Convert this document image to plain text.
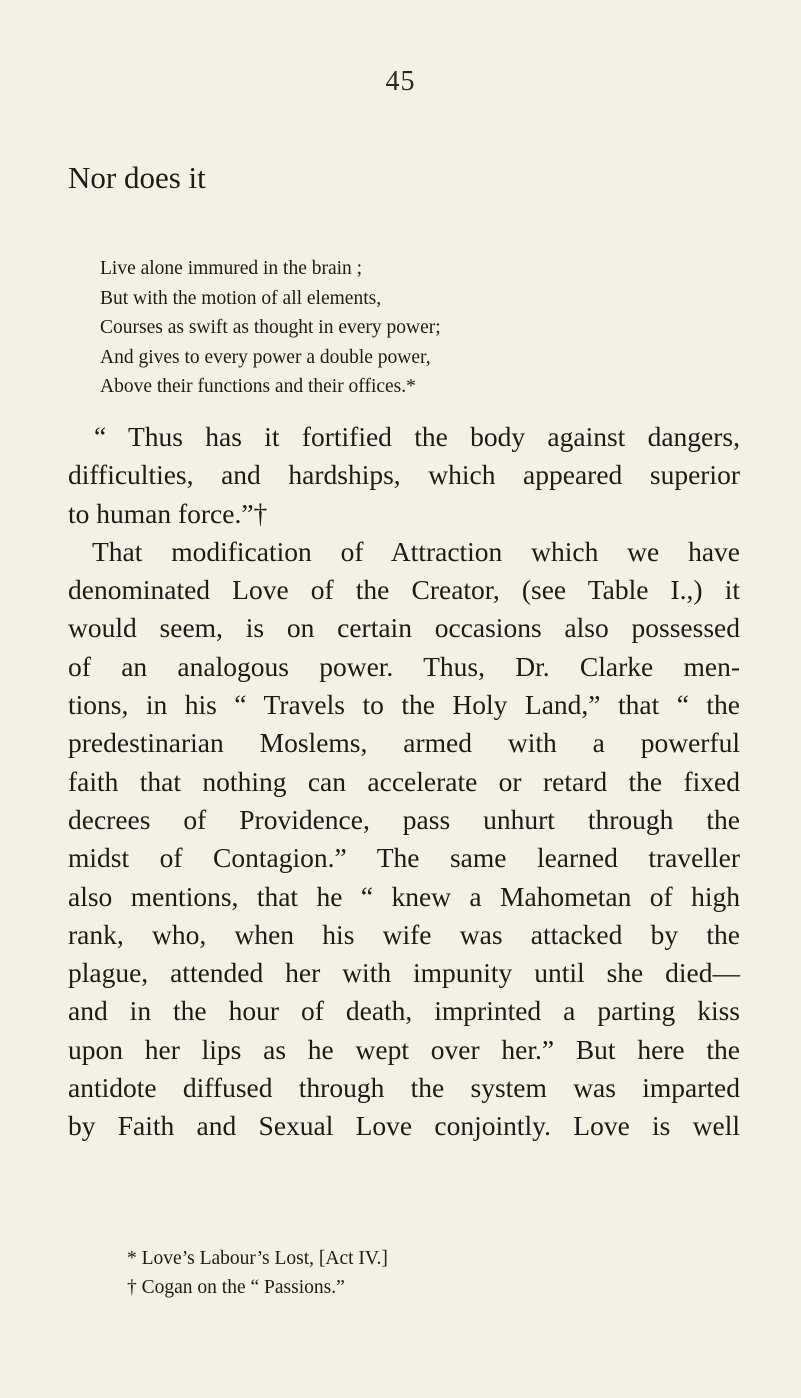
45
Nor does it
Live alone immured in the brain ;
But with the motion of all elements,
Courses as swift as thought in every power;
And gives to every power a double power,
Above their functions and their offices.*
“ Thus has it fortified the body against dangers,
difficulties, and hardships, which appeared superior
to human force.”†
That modification of Attraction which we have
denominated Love of the Creator, (see Table I.,) it
would seem, is on certain occasions also possessed
of an analogous power. Thus, Dr. Clarke men-
tions, in his “ Travels to the Holy Land,” that “ the
predestinarian Moslems, armed with a powerful
faith that nothing can accelerate or retard the fixed
decrees of Providence, pass unhurt through the
midst of Contagion.” The same learned traveller
also mentions, that he “ knew a Mahometan of high
rank, who, when his wife was attacked by the
plague, attended her with impunity until she died—
and in the hour of death, imprinted a parting kiss
upon her lips as he wept over her.” But here the
antidote diffused through the system was imparted
by Faith and Sexual Love conjointly. Love is well
* Love’s Labour’s Lost, [Act IV.]
† Cogan on the “ Passions.”
